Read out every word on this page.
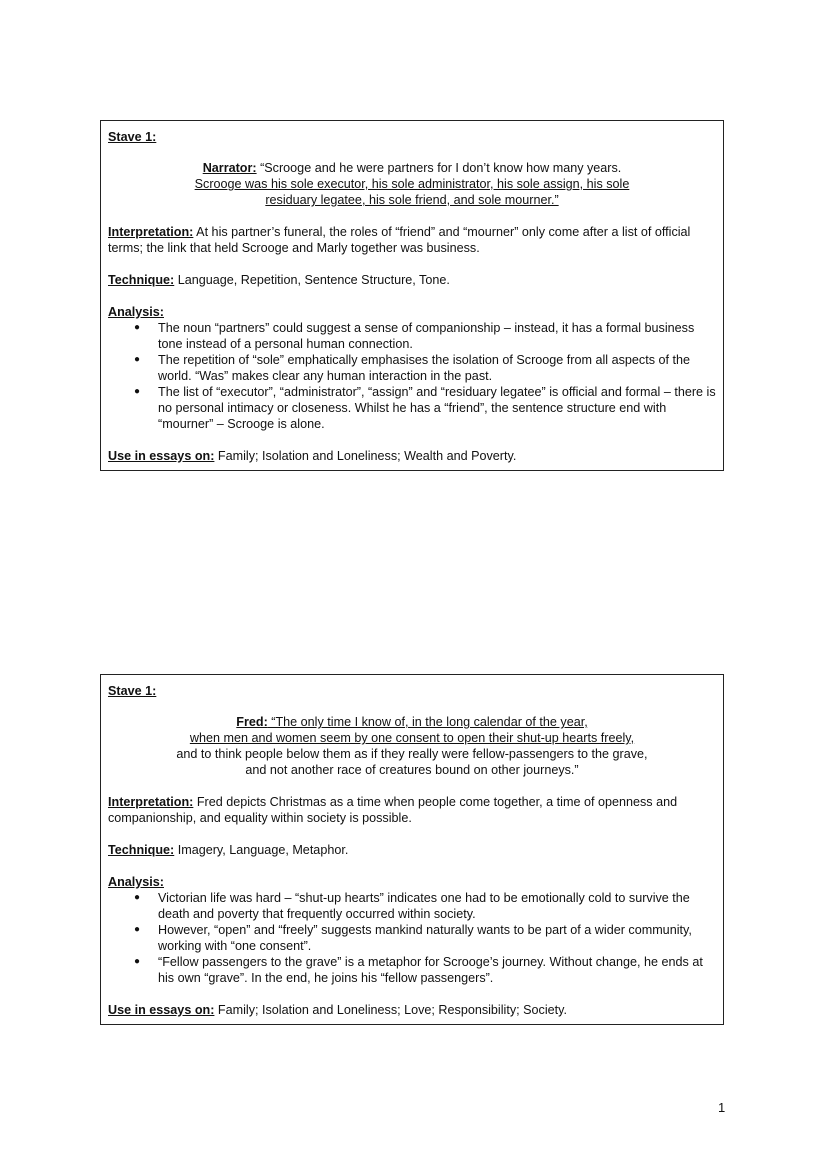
Stave 1:

Narrator: “Scrooge and he were partners for I don’t know how many years.
Scrooge was his sole executor, his sole administrator, his sole assign, his sole
residuary legatee, his sole friend, and sole mourner.”

Interpretation: At his partner’s funeral, the roles of “friend” and “mourner” only come after a list of official terms; the link that held Scrooge and Marly together was business.

Technique: Language, Repetition, Sentence Structure, Tone.

Analysis:

● The noun “partners” could suggest a sense of companionship – instead, it has a formal business tone instead of a personal human connection.
● The repetition of “sole” emphatically emphasises the isolation of Scrooge from all aspects of the world. “Was” makes clear any human interaction in the past.
● The list of “executor”, “administrator”, “assign” and “residuary legatee” is official and formal – there is no personal intimacy or closeness. Whilst he has a “friend”, the sentence structure end with “mourner” – Scrooge is alone.

Use in essays on: Family; Isolation and Loneliness; Wealth and Poverty.

Stave 1:

Fred: “The only time I know of, in the long calendar of the year,
when men and women seem by one consent to open their shut-up hearts freely,
and to think people below them as if they really were fellow-passengers to the grave,
and not another race of creatures bound on other journeys.”

Interpretation: Fred depicts Christmas as a time when people come together, a time of openness and companionship, and equality within society is possible.

Technique: Imagery, Language, Metaphor.

Analysis:

● Victorian life was hard – “shut-up hearts” indicates one had to be emotionally cold to survive the death and poverty that frequently occurred within society.
● However, “open” and “freely” suggests mankind naturally wants to be part of a wider community, working with “one consent”.
● “Fellow passengers to the grave” is a metaphor for Scrooge’s journey. Without change, he ends at his own “grave”. In the end, he joins his “fellow passengers”.

Use in essays on: Family; Isolation and Loneliness; Love; Responsibility; Society.

1
